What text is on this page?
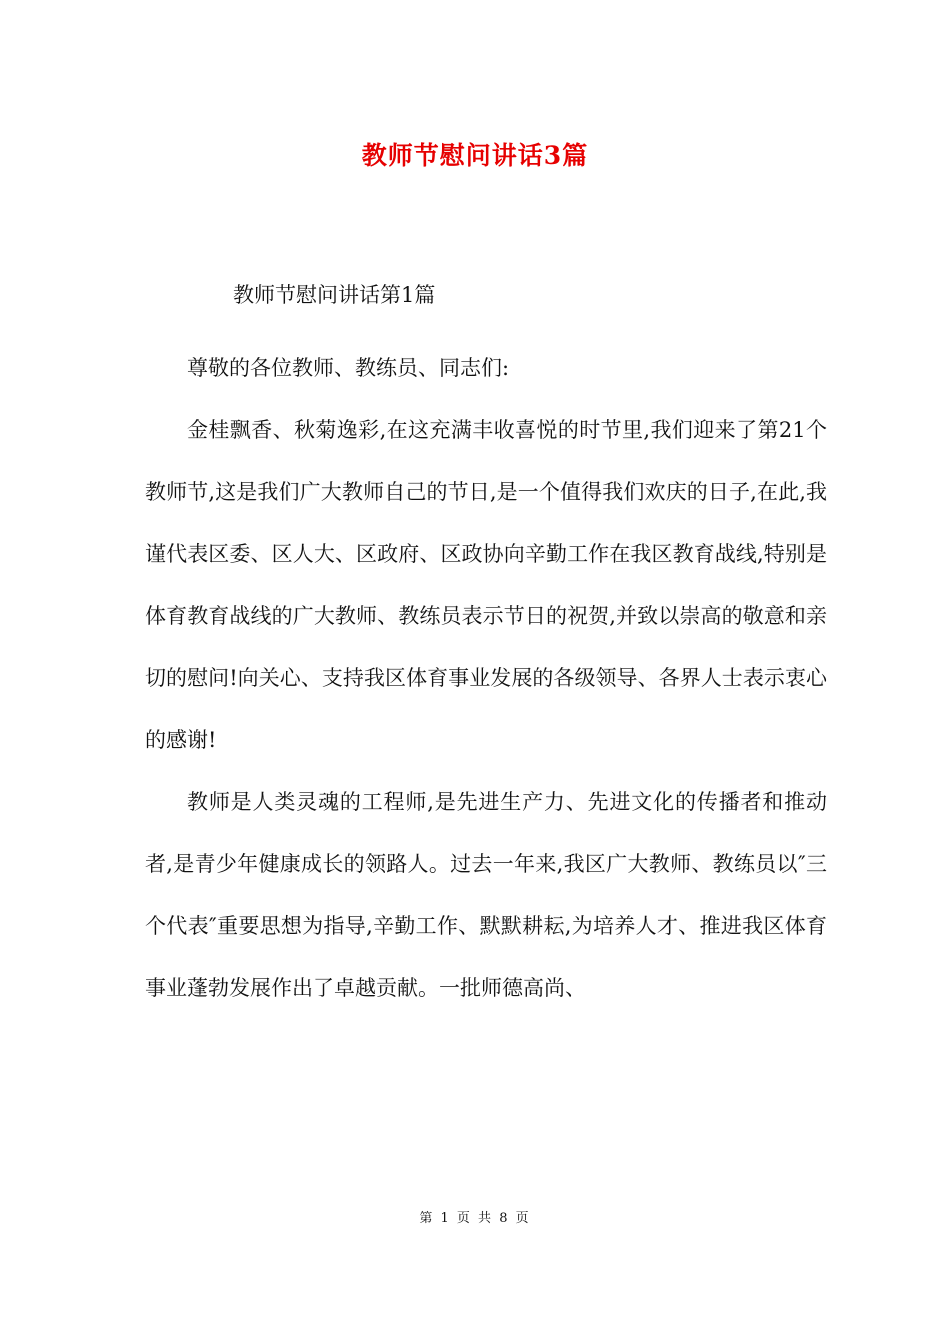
教师节慰问讲话3篇

教师节慰问讲话第1篇

尊敬的各位教师、教练员、同志们:

金桂飘香、秋菊逸彩,在这充满丰收喜悦的时节里,我们迎来了第21个教师节,这是我们广大教师自己的节日,是一个值得我们欢庆的日子,在此,我谨代表区委、区人大、区政府、区政协向辛勤工作在我区教育战线,特别是体育教育战线的广大教师、教练员表示节日的祝贺,并致以崇高的敬意和亲切的慰问!向关心、支持我区体育事业发展的各级领导、各界人士表示衷心的感谢!

教师是人类灵魂的工程师,是先进生产力、先进文化的传播者和推动者,是青少年健康成长的领路人。过去一年来,我区广大教师、教练员以″三个代表″重要思想为指导,辛勤工作、默默耕耘,为培养人才、推进我区体育事业蓬勃发展作出了卓越贡献。一批师德高尚、

第 1 页 共 8 页
